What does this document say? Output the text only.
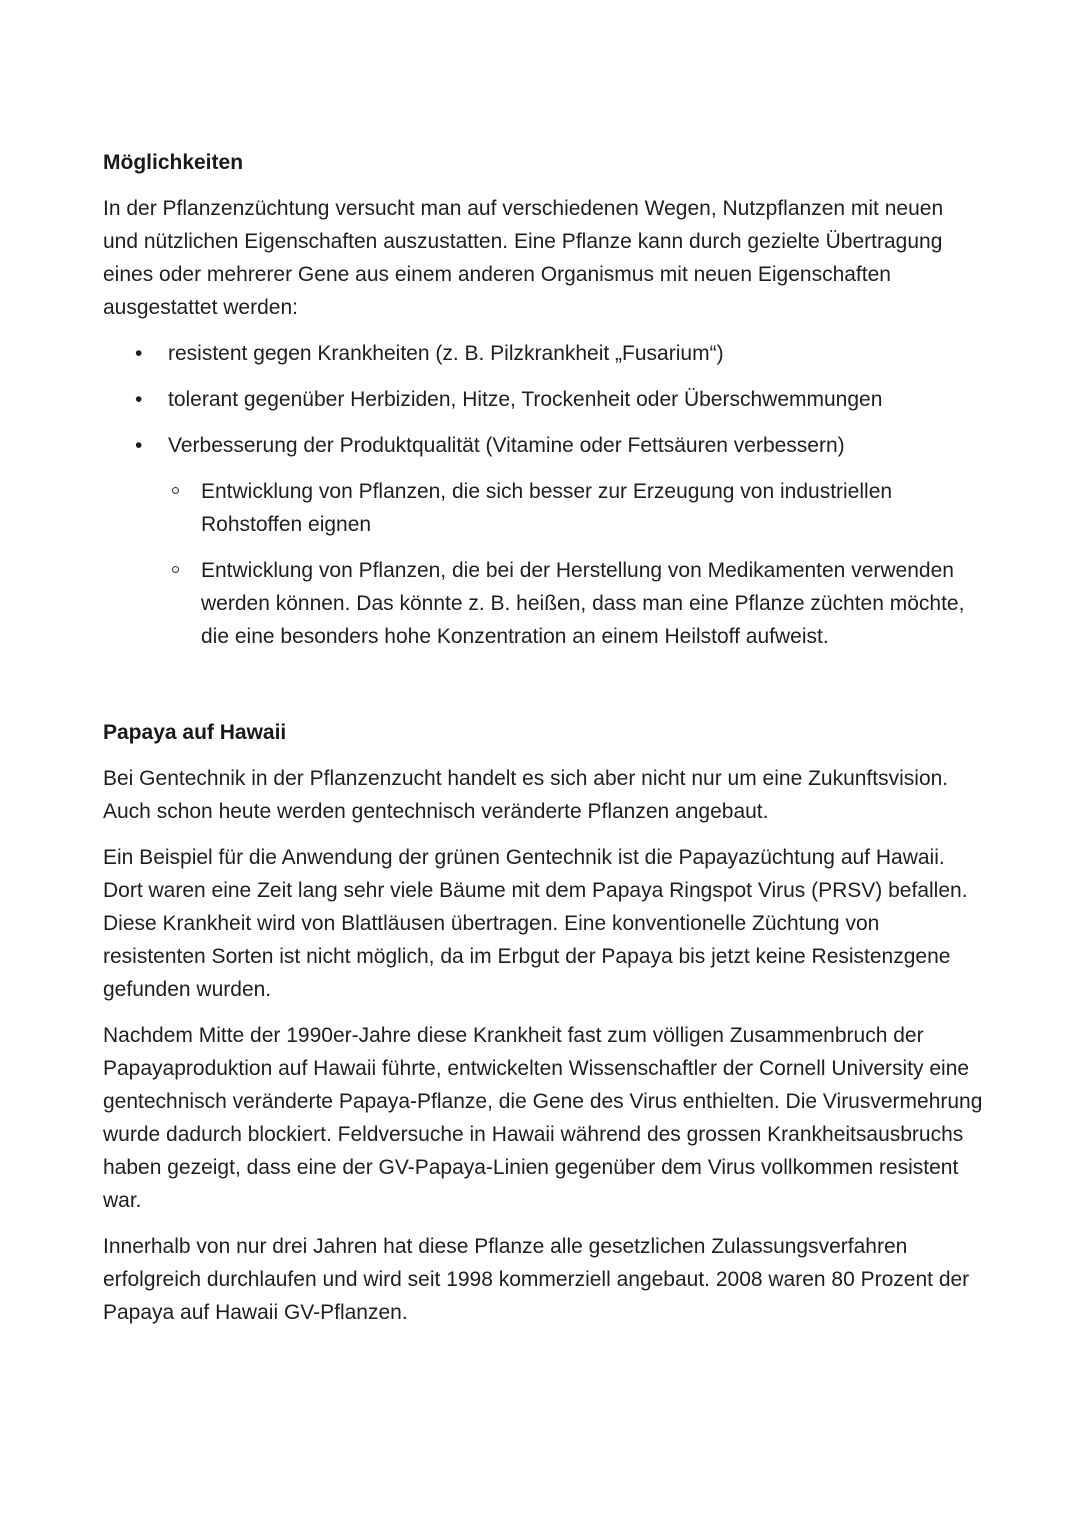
Möglichkeiten

In der Pflanzenzüchtung versucht man auf verschiedenen Wegen, Nutzpflanzen mit neuen und nützlichen Eigenschaften auszustatten. Eine Pflanze kann durch gezielte Übertragung eines oder mehrerer Gene aus einem anderen Organismus mit neuen Eigenschaften ausgestattet werden:

• resistent gegen Krankheiten (z. B. Pilzkrankheit „Fusarium“)
• tolerant gegenüber Herbiziden, Hitze, Trockenheit oder Überschwemmungen
• Verbesserung der Produktqualität (Vitamine oder Fettsäuren verbessern)
Entwicklung von Pflanzen, die sich besser zur Erzeugung von industriellen Rohstoffen eignen
Entwicklung von Pflanzen, die bei der Herstellung von Medikamenten verwenden werden können. Das könnte z. B. heißen, dass man eine Pflanze züchten möchte, die eine besonders hohe Konzentration an einem Heilstoff aufweist.
Papaya auf Hawaii

Bei Gentechnik in der Pflanzenzucht handelt es sich aber nicht nur um eine Zukunftsvision. Auch schon heute werden gentechnisch veränderte Pflanzen angebaut.

Ein Beispiel für die Anwendung der grünen Gentechnik ist die Papayazüchtung auf Hawaii. Dort waren eine Zeit lang sehr viele Bäume mit dem Papaya Ringspot Virus (PRSV) befallen. Diese Krankheit wird von Blattläusen übertragen. Eine konventionelle Züchtung von resistenten Sorten ist nicht möglich, da im Erbgut der Papaya bis jetzt keine Resistenzgene gefunden wurden.

Nachdem Mitte der 1990er-Jahre diese Krankheit fast zum völligen Zusammenbruch der Papayaproduktion auf Hawaii führte, entwickelten Wissenschaftler der Cornell University eine gentechnisch veränderte Papaya-Pflanze, die Gene des Virus enthielten. Die Virusvermehrung wurde dadurch blockiert. Feldversuche in Hawaii während des grossen Krankheitsausbruchs haben gezeigt, dass eine der GV-Papaya-Linien gegenüber dem Virus vollkommen resistent war.

Innerhalb von nur drei Jahren hat diese Pflanze alle gesetzlichen Zulassungsverfahren erfolgreich durchlaufen und wird seit 1998 kommerziell angebaut. 2008 waren 80 Prozent der Papaya auf Hawaii GV-Pflanzen.
